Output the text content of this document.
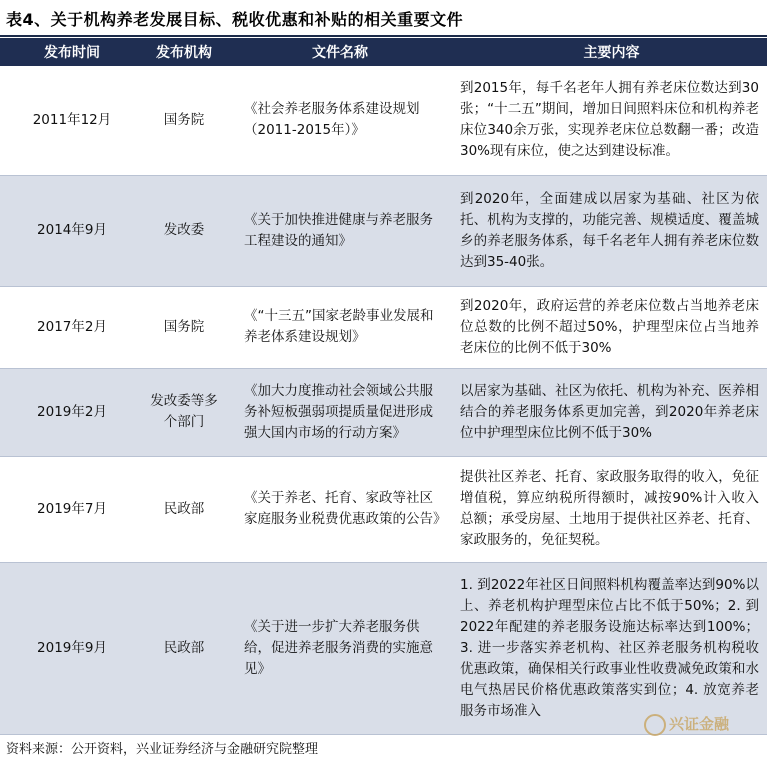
表4、关于机构养老发展目标、税收优惠和补贴的相关重要文件
发布时间	发布机构	文件名称	主要内容
2011年12月	国务院	《社会养老服务体系建设规划（2011-2015年）》	到2015年，每千名老年人拥有养老床位数达到30张；“十二五”期间，增加日间照料床位和机构养老床位340余万张，实现养老床位总数翻一番；改造30%现有床位，使之达到建设标准。
2014年9月	发改委	《关于加快推进健康与养老服务工程建设的通知》	到2020年，全面建成以居家为基础、社区为依托、机构为支撑的，功能完善、规模适度、覆盖城乡的养老服务体系，每千名老年人拥有养老床位数达到35-40张。
2017年2月	国务院	《“十三五”国家老龄事业发展和养老体系建设规划》	到2020年，政府运营的养老床位数占当地养老床位总数的比例不超过50%，护理型床位占当地养老床位的比例不低于30%
2019年2月	发改委等多个部门	《加大力度推动社会领域公共服务补短板强弱项提质量促进形成强大国内市场的行动方案》	以居家为基础、社区为依托、机构为补充、医养相结合的养老服务体系更加完善，到2020年养老床位中护理型床位比例不低于30%
2019年7月	民政部	《关于养老、托育、家政等社区家庭服务业税费优惠政策的公告》	提供社区养老、托育、家政服务取得的收入，免征增值税，算应纳税所得额时，减按90%计入收入总额；承受房屋、土地用于提供社区养老、托育、家政服务的，免征契税。
2019年9月	民政部	《关于进一步扩大养老服务供给，促进养老服务消费的实施意见》	1. 到2022年社区日间照料机构覆盖率达到90%以上、养老机构护理型床位占比不低于50%；2. 到2022年配建的养老服务设施达标率达到100%；3. 进一步落实养老机构、社区养老服务机构税收优惠政策，确保相关行政事业性收费减免政策和水电气热居民价格优惠政策落实到位；4. 放宽养老服务市场准入
兴证金融
资料来源：公开资料，兴业证券经济与金融研究院整理
